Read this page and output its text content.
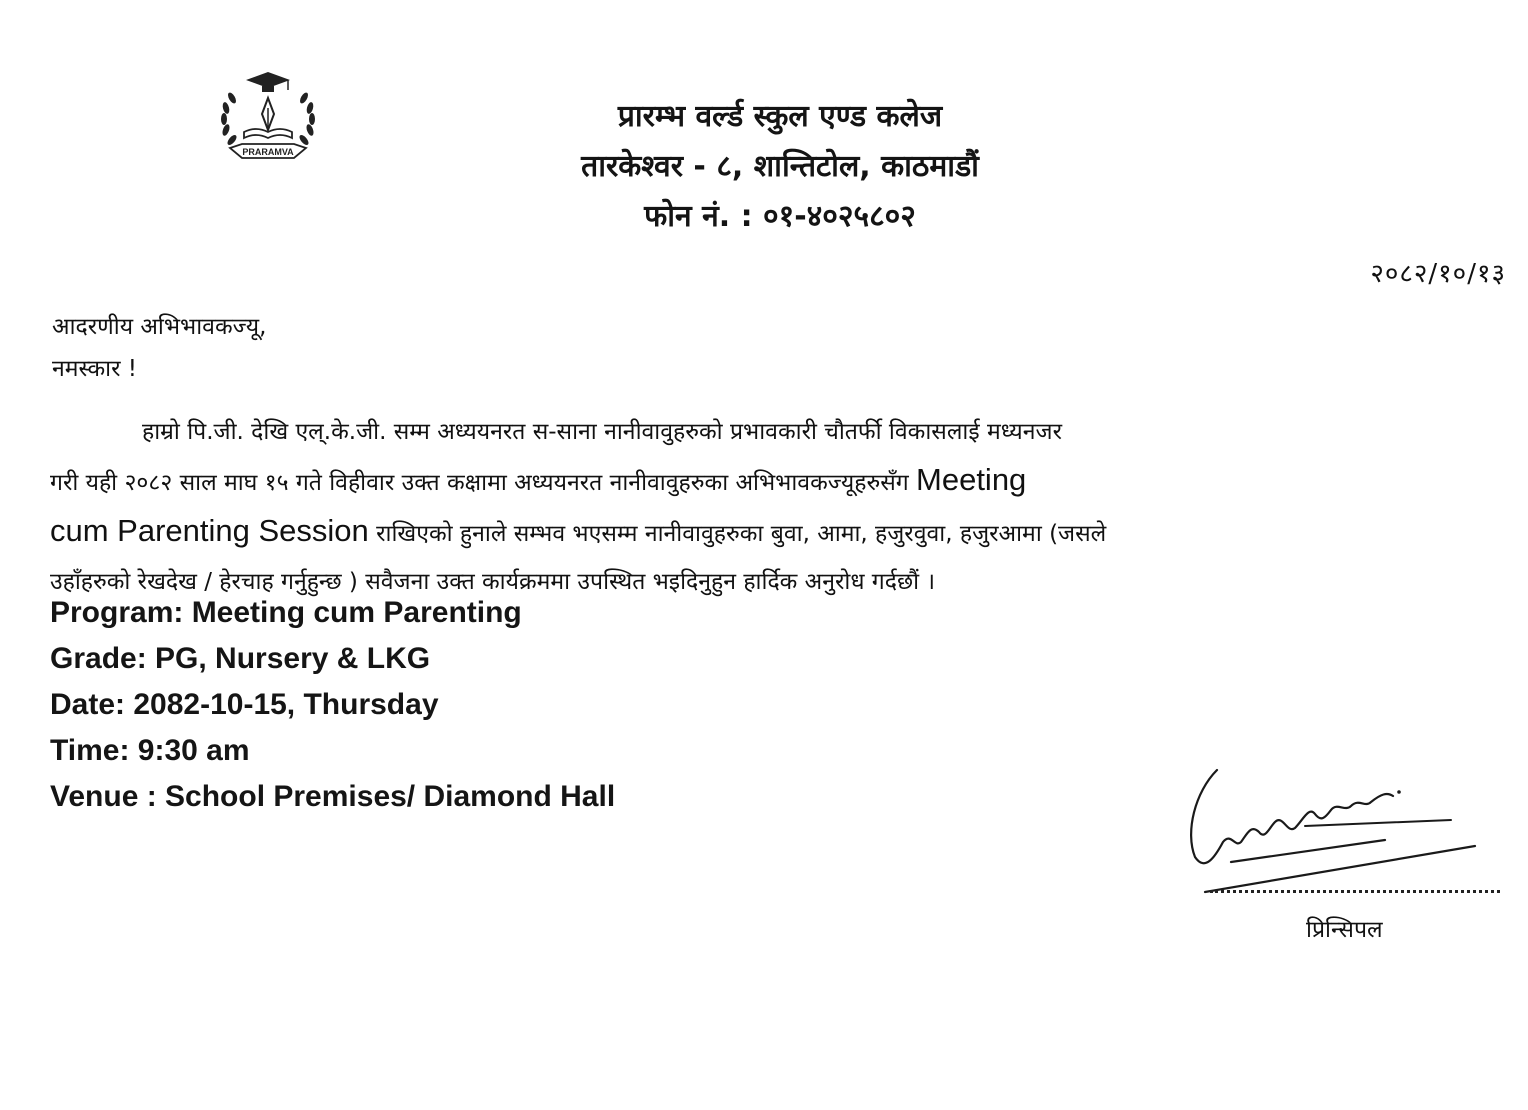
PRARAMVA
प्रारम्भ वर्ल्ड स्कुल एण्ड कलेज
तारकेश्वर - ८, शान्तिटोल, काठमाडौं
फोन नं. : ०१-४०२५८०२
२०८२/१०/१३
आदरणीय अभिभावकज्यू,
नमस्कार !
हाम्रो पि.जी. देखि एल्.के.जी. सम्म अध्ययनरत स-साना नानीवावुहरुको प्रभावकारी चौतर्फी विकासलाई मध्यनजर
गरी यही २०८२ साल माघ १५ गते विहीवार उक्त कक्षामा अध्ययनरत नानीवावुहरुका अभिभावकज्यूहरुसँग Meeting
cum Parenting Session राखिएको हुनाले सम्भव भएसम्म नानीवावुहरुका बुवा, आमा, हजुरवुवा, हजुरआमा (जसले
उहाँहरुको रेखदेख / हेरचाह गर्नुहुन्छ ) सवैजना उक्त कार्यक्रममा उपस्थित भइदिनुहुन हार्दिक अनुरोध गर्दछौं ।
Program: Meeting cum Parenting
Grade: PG, Nursery & LKG
Date: 2082-10-15, Thursday
Time: 9:30 am
Venue : School Premises/ Diamond Hall
प्रिन्सिपल
